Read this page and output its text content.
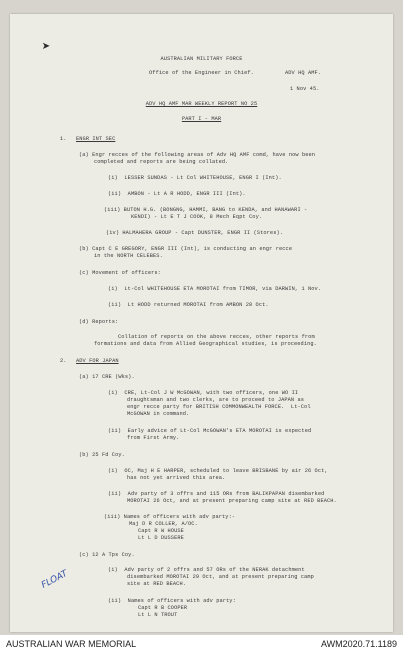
➤
AUSTRALIAN MILITARY FORCE
Office of the Engineer in Chief.	ADV HQ AMF.
1 Nov 45.
ADV HQ AMF MAR WEEKLY REPORT NO 25
PART I - MAR
1. ENGR INT SEC
(a) Engr recces of the following areas of Adv HQ AMF comd, have now been
completed and reports are being collated.
(i)  LESSER SUNDAS - Lt Col WHITEHOUSE, ENGR I (Int).
(ii)  AMBON - Lt A R HODD, ENGR III (Int).
(iii) BUTON H.G. (BONGNG, HAMMI, BANG to KENDA, and HANAWARI -
KENDI) - Lt E T J COOK, 8 Mech Eqpt Coy.
(iv) HALMAHERA GROUP - Capt DUNSTER, ENGR II (Stores).
(b) Capt C E GREGORY, ENGR III (Int), is conducting an engr recce
in the NORTH CELEBES.
(c) Movement of officers:
(i)  Lt-Col WHITEHOUSE ETA MOROTAI from TIMOR, via DARWIN, 1 Nov.
(ii)  Lt HODD returned MOROTAI from AMBON 28 Oct.
(d) Reports:
Collation of reports on the above recces, other reports from
formations and data from Allied Geographical studies, is proceeding.
2. ADV FOR JAPAN
(a) 17 CRE (Wks).
(i)  CRE, Lt-Col J W McGOWAN, with two officers, one WO II
draughtsman and two clerks, are to proceed to JAPAN as
engr recce party for BRITISH COMMONWEALTH FORCE.  Lt-Col
McGOWAN in command.
(ii)  Early advice of Lt-Col McGOWAN's ETA MOROTAI is expected
from First Army.
(b) 25 Fd Coy.
(i)  OC, Maj H E HARPER, scheduled to leave BRISBANE by air 26 Oct,
has not yet arrived this area.
(ii)  Adv party of 3 offrs and 115 ORs from BALIKPAPAN disembarked
MOROTAI 26 Oct, and at present preparing camp site at RED BEACH.
(iii) Names of officers with adv party:-
Maj D R COLLER, A/OC.
Capt R W HOUSE
Lt L D DUSSERE
(c) 12 A Tps Coy.
(i)  Adv party of 2 offrs and 57 ORs of the NERAK detachment
disembarked MOROTAI 29 Oct, and at present preparing camp
site at RED BEACH.
(ii)  Names of officers with adv party:
Capt R B COOPER
Lt L N TROUT
FLOAT
AUSTRALIAN WAR MEMORIAL	AWM2020.71.1189
